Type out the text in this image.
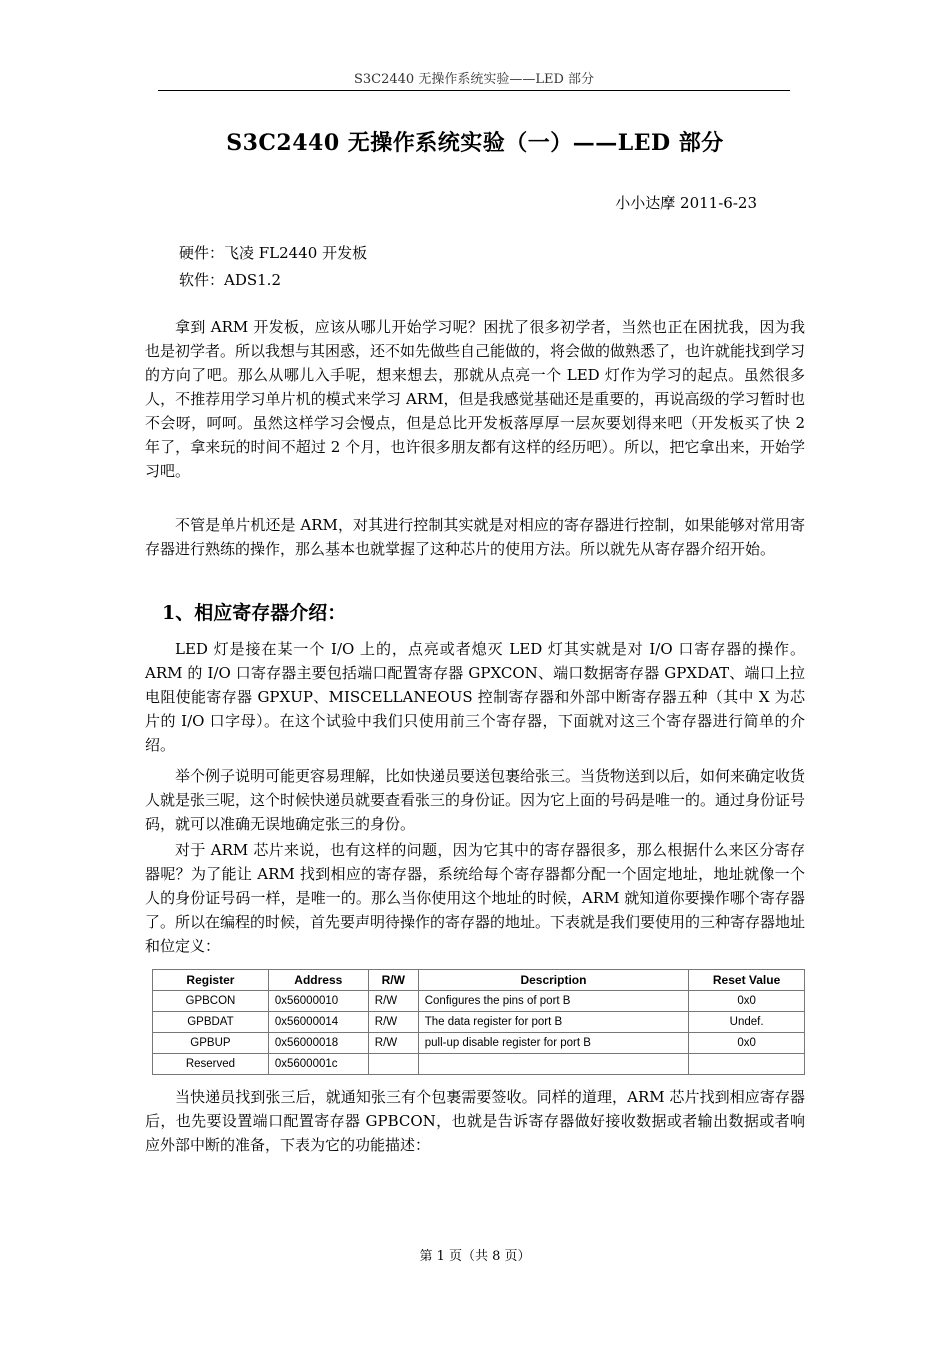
S3C2440 无操作系统实验——LED 部分
S3C2440 无操作系统实验（一）——LED 部分
小小达摩 2011-6-23
硬件：飞凌 FL2440 开发板
软件：ADS1.2

拿到 ARM 开发板，应该从哪儿开始学习呢？困扰了很多初学者，当然也正在困扰我，因为我也是初学者。所以我想与其困惑，还不如先做些自己能做的，将会做的做熟悉了，也许就能找到学习的方向了吧。那么从哪儿入手呢，想来想去，那就从点亮一个 LED 灯作为学习的起点。虽然很多人，不推荐用学习单片机的模式来学习 ARM，但是我感觉基础还是重要的，再说高级的学习暂时也不会呀，呵呵。虽然这样学习会慢点，但是总比开发板落厚厚一层灰要划得来吧（开发板买了快 2 年了，拿来玩的时间不超过 2 个月，也许很多朋友都有这样的经历吧）。所以，把它拿出来，开始学习吧。

不管是单片机还是 ARM，对其进行控制其实就是对相应的寄存器进行控制，如果能够对常用寄存器进行熟练的操作，那么基本也就掌握了这种芯片的使用方法。所以就先从寄存器介绍开始。

1、相应寄存器介绍：

LED 灯是接在某一个 I/O 上的，点亮或者熄灭 LED 灯其实就是对 I/O 口寄存器的操作。ARM 的 I/O 口寄存器主要包括端口配置寄存器 GPXCON、端口数据寄存器 GPXDAT、端口上拉电阻使能寄存器 GPXUP、MISCELLANEOUS 控制寄存器和外部中断寄存器五种（其中 X 为芯片的 I/O 口字母）。在这个试验中我们只使用前三个寄存器，下面就对这三个寄存器进行简单的介绍。

举个例子说明可能更容易理解，比如快递员要送包裹给张三。当货物送到以后，如何来确定收货人就是张三呢，这个时候快递员就要查看张三的身份证。因为它上面的号码是唯一的。通过身份证号码，就可以准确无误地确定张三的身份。

对于 ARM 芯片来说，也有这样的问题，因为它其中的寄存器很多，那么根据什么来区分寄存器呢？为了能让 ARM 找到相应的寄存器，系统给每个寄存器都分配一个固定地址，地址就像一个人的身份证号码一样，是唯一的。那么当你使用这个地址的时候，ARM 就知道你要操作哪个寄存器了。所以在编程的时候，首先要声明待操作的寄存器的地址。下表就是我们要使用的三种寄存器地址和位定义：

Register	Address	R/W	Description	Reset Value
GPBCON	0x56000010	R/W	Configures the pins of port B	0x0
GPBDAT	0x56000014	R/W	The data register for port B	Undef.
GPBUP	0x56000018	R/W	pull-up disable register for port B	0x0
Reserved	0x5600001c			

当快递员找到张三后，就通知张三有个包裹需要签收。同样的道理，ARM 芯片找到相应寄存器后，也先要设置端口配置寄存器 GPBCON，也就是告诉寄存器做好接收数据或者输出数据或者响应外部中断的准备，下表为它的功能描述：

第 1 页（共 8 页）
